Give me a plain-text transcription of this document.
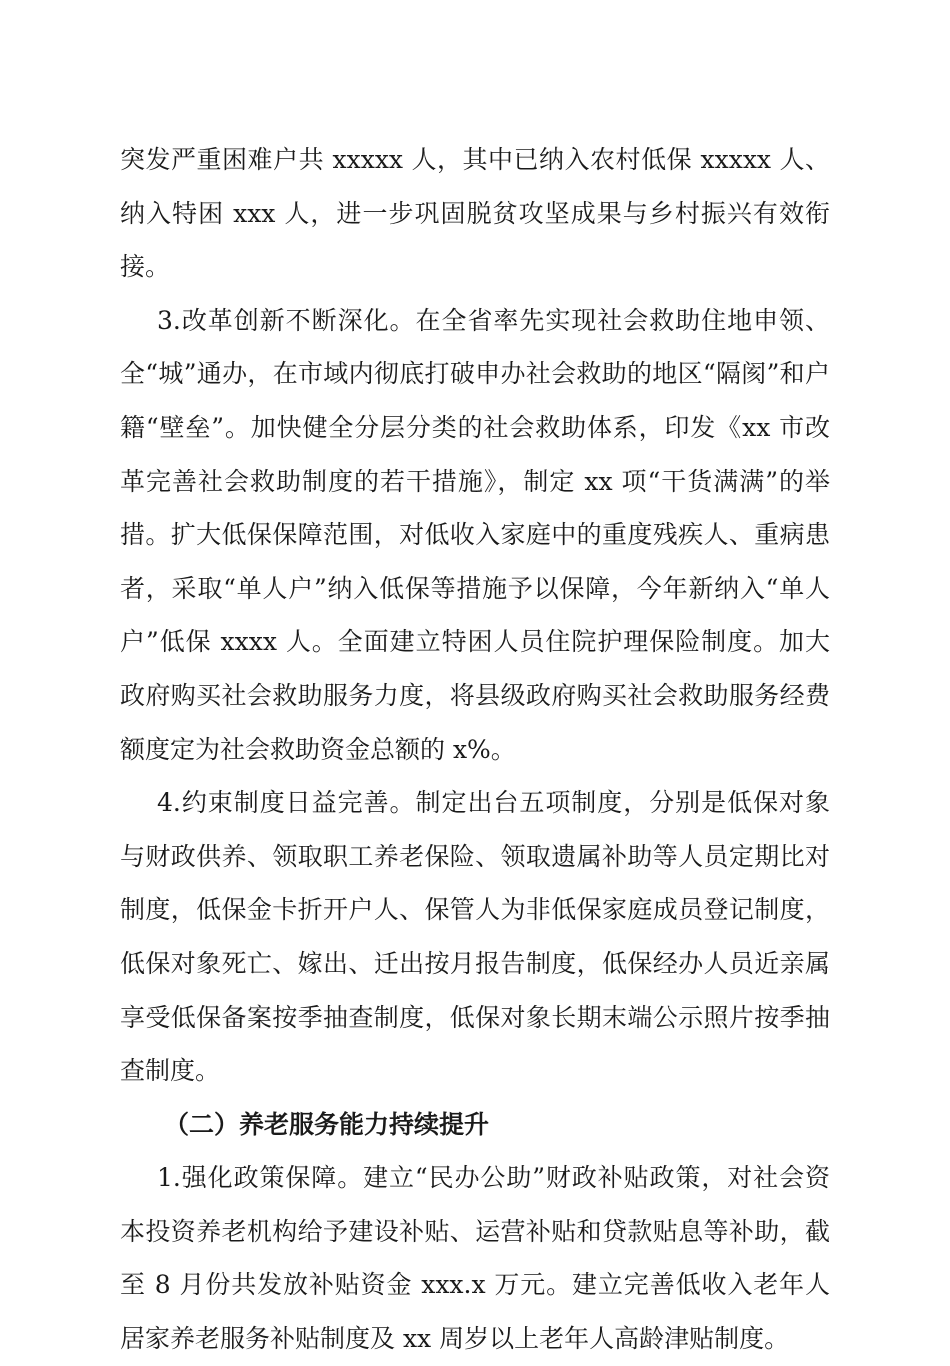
突发严重困难户共 xxxxx 人，其中已纳入农村低保 xxxxx 人、纳入特困 xxx 人，进一步巩固脱贫攻坚成果与乡村振兴有效衔接。

3.改革创新不断深化。在全省率先实现社会救助住地申领、全“城”通办，在市域内彻底打破申办社会救助的地区“隔阂”和户籍“壁垒”。加快健全分层分类的社会救助体系，印发《xx 市改革完善社会救助制度的若干措施》，制定 xx 项“干货满满”的举措。扩大低保保障范围，对低收入家庭中的重度残疾人、重病患者，采取“单人户”纳入低保等措施予以保障，今年新纳入“单人户”低保 xxxx 人。全面建立特困人员住院护理保险制度。加大政府购买社会救助服务力度，将县级政府购买社会救助服务经费额度定为社会救助资金总额的 x%。

4.约束制度日益完善。制定出台五项制度，分别是低保对象与财政供养、领取职工养老保险、领取遗属补助等人员定期比对制度，低保金卡折开户人、保管人为非低保家庭成员登记制度，低保对象死亡、嫁出、迁出按月报告制度，低保经办人员近亲属享受低保备案按季抽查制度，低保对象长期末端公示照片按季抽查制度。

（二）养老服务能力持续提升

1.强化政策保障。建立“民办公助”财政补贴政策，对社会资本投资养老机构给予建设补贴、运营补贴和贷款贴息等补助，截至 8 月份共发放补贴资金 xxx.x 万元。建立完善低收入老年人居家养老服务补贴制度及 xx 周岁以上老年人高龄津贴制度。
